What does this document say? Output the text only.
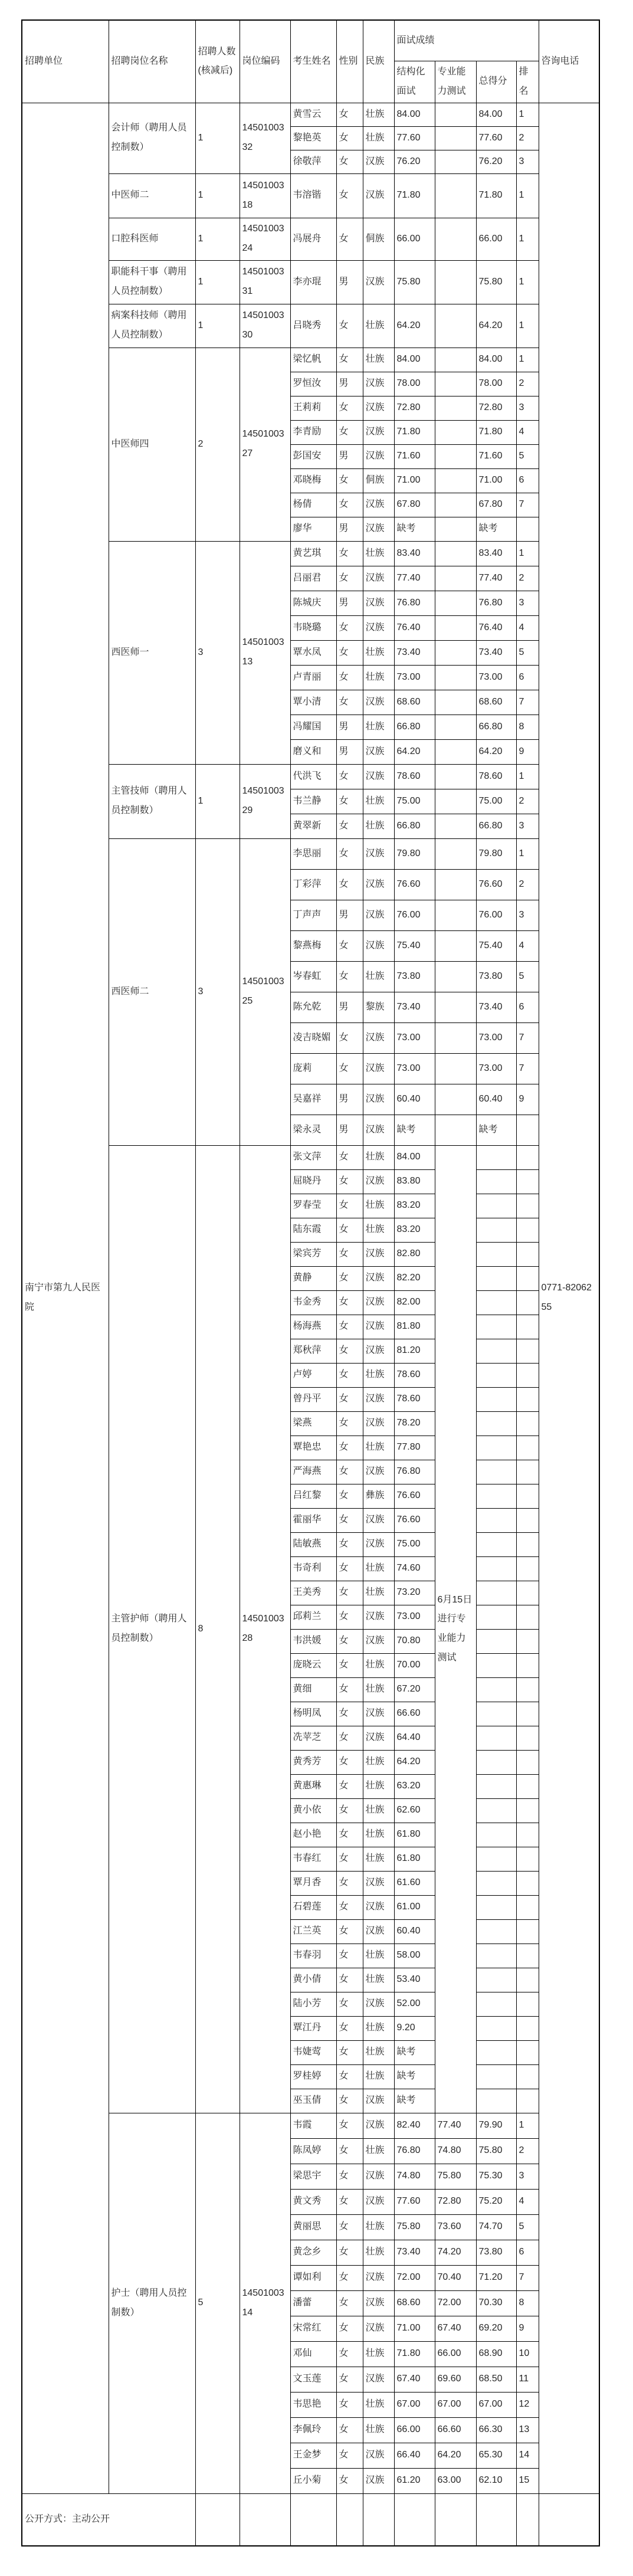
招聘单位	招聘岗位名称	招聘人数(核减后)	岗位编码	考生姓名	性别	民族	面试成绩				咨询电话
							结构化面试	专业能力测试	总得分	排名	
南宁市第九人民医院	会计师（聘用人员控制数）	1	1450100332	黄雪云	女	壮族	84.00		84.00	1	0771-8206255
				黎艳英	女	壮族	77.60		77.60	2	
				徐敬萍	女	汉族	76.20		76.20	3	
	中医师二	1	1450100318	韦溶锴	女	汉族	71.80		71.80	1	
	口腔科医师	1	1450100324	冯展舟	女	侗族	66.00		66.00	1	
	职能科干事（聘用人员控制数）	1	1450100331	李亦琨	男	汉族	75.80		75.80	1	
	病案科技师（聘用人员控制数）	1	1450100330	吕晓秀	女	壮族	64.20		64.20	1	
	中医师四	2	1450100327	梁忆帆	女	壮族	84.00		84.00	1	
				罗恒汝	男	汉族	78.00		78.00	2	
				王莉莉	女	汉族	72.80		72.80	3	
				李青励	女	汉族	71.80		71.80	4	
				彭国安	男	汉族	71.60		71.60	5	
				邓晓梅	女	侗族	71.00		71.00	6	
				杨倩	女	汉族	67.80		67.80	7	
				廖华	男	汉族	缺考		缺考		
	西医师一	3	1450100313	黄艺琪	女	壮族	83.40		83.40	1	
				吕丽君	女	汉族	77.40		77.40	2	
				陈城庆	男	汉族	76.80		76.80	3	
				韦晓璐	女	汉族	76.40		76.40	4	
				覃水凤	女	壮族	73.40		73.40	5	
				卢青丽	女	壮族	73.00		73.00	6	
				覃小清	女	汉族	68.60		68.60	7	
				冯耀国	男	壮族	66.80		66.80	8	
				磨义和	男	汉族	64.20		64.20	9	
	主管技师（聘用人员控制数）	1	1450100329	代洪飞	女	汉族	78.60		78.60	1	
				韦兰静	女	壮族	75.00		75.00	2	
				黄翠新	女	壮族	66.80		66.80	3	
	西医师二	3	1450100325	李思丽	女	汉族	79.80		79.80	1	
				丁彩萍	女	汉族	76.60		76.60	2	
				丁声声	男	汉族	76.00		76.00	3	
				黎燕梅	女	汉族	75.40		75.40	4	
				岑春虹	女	壮族	73.80		73.80	5	
				陈允乾	男	黎族	73.40		73.40	6	
				凌吉晓媚	女	汉族	73.00		73.00	7	
				庞莉	女	汉族	73.00		73.00	7	
				吴嘉祥	男	汉族	60.40		60.40	9	
				梁永灵	男	汉族	缺考		缺考		
	主管护师（聘用人员控制数）	8	1450100328	张文萍	女	壮族	84.00	6月15日进行专业能力测试			
				屈晓丹	女	汉族	83.80				
				罗春莹	女	壮族	83.20				
				陆东霞	女	壮族	83.20				
				梁宾芳	女	汉族	82.80				
				黄静	女	汉族	82.20				
				韦金秀	女	汉族	82.00				
				杨海燕	女	汉族	81.80				
				郑秋萍	女	汉族	81.20				
				卢婷	女	壮族	78.60				
				曾丹平	女	汉族	78.60				
				梁燕	女	汉族	78.20				
				覃艳忠	女	壮族	77.80				
				严海燕	女	汉族	76.80				
				吕红黎	女	彝族	76.60				
				霍丽华	女	汉族	76.60				
				陆敏燕	女	汉族	75.00				
				韦奇利	女	壮族	74.60				
				王美秀	女	壮族	73.20				
				邱莉兰	女	汉族	73.00				
				韦洪媛	女	汉族	70.80				
				庞晓云	女	壮族	70.00				
				黄细	女	壮族	67.20				
				杨明凤	女	汉族	66.60				
				冼苹芝	女	汉族	64.40				
				黄秀芳	女	壮族	64.20				
				黄惠琳	女	壮族	63.20				
				黄小依	女	壮族	62.60				
				赵小艳	女	壮族	61.80				
				韦春红	女	壮族	61.80				
				覃月香	女	汉族	61.60				
				石碧莲	女	汉族	61.00				
				江兰英	女	汉族	60.40				
				韦春羽	女	壮族	58.00				
				黄小倩	女	壮族	53.40				
				陆小芳	女	汉族	52.00				
				覃江丹	女	壮族	9.20				
				韦婕莺	女	壮族	缺考				
				罗桂婷	女	壮族	缺考				
				巫玉倩	女	汉族	缺考				
	护士（聘用人员控制数）	5	1450100314	韦霞	女	汉族	82.40	77.40	79.90	1	
				陈凤婷	女	壮族	76.80	74.80	75.80	2	
				梁思宇	女	汉族	74.80	75.80	75.30	3	
				黄文秀	女	汉族	77.60	72.80	75.20	4	
				黄丽思	女	壮族	75.80	73.60	74.70	5	
				黄念乡	女	壮族	73.40	74.20	73.80	6	
				谭如利	女	汉族	72.00	70.40	71.20	7	
				潘蕾	女	汉族	68.60	72.00	70.30	8	
				宋常红	女	汉族	71.00	67.40	69.20	9	
				邓仙	女	壮族	71.80	66.00	68.90	10	
				文玉莲	女	汉族	67.40	69.60	68.50	11	
				韦思艳	女	壮族	67.00	67.00	67.00	12	
				李佩玲	女	壮族	66.00	66.60	66.30	13	
				王金梦	女	汉族	66.40	64.20	65.30	14	
				丘小菊	女	汉族	61.20	63.00	62.10	15	
公开方式：主动公开											
